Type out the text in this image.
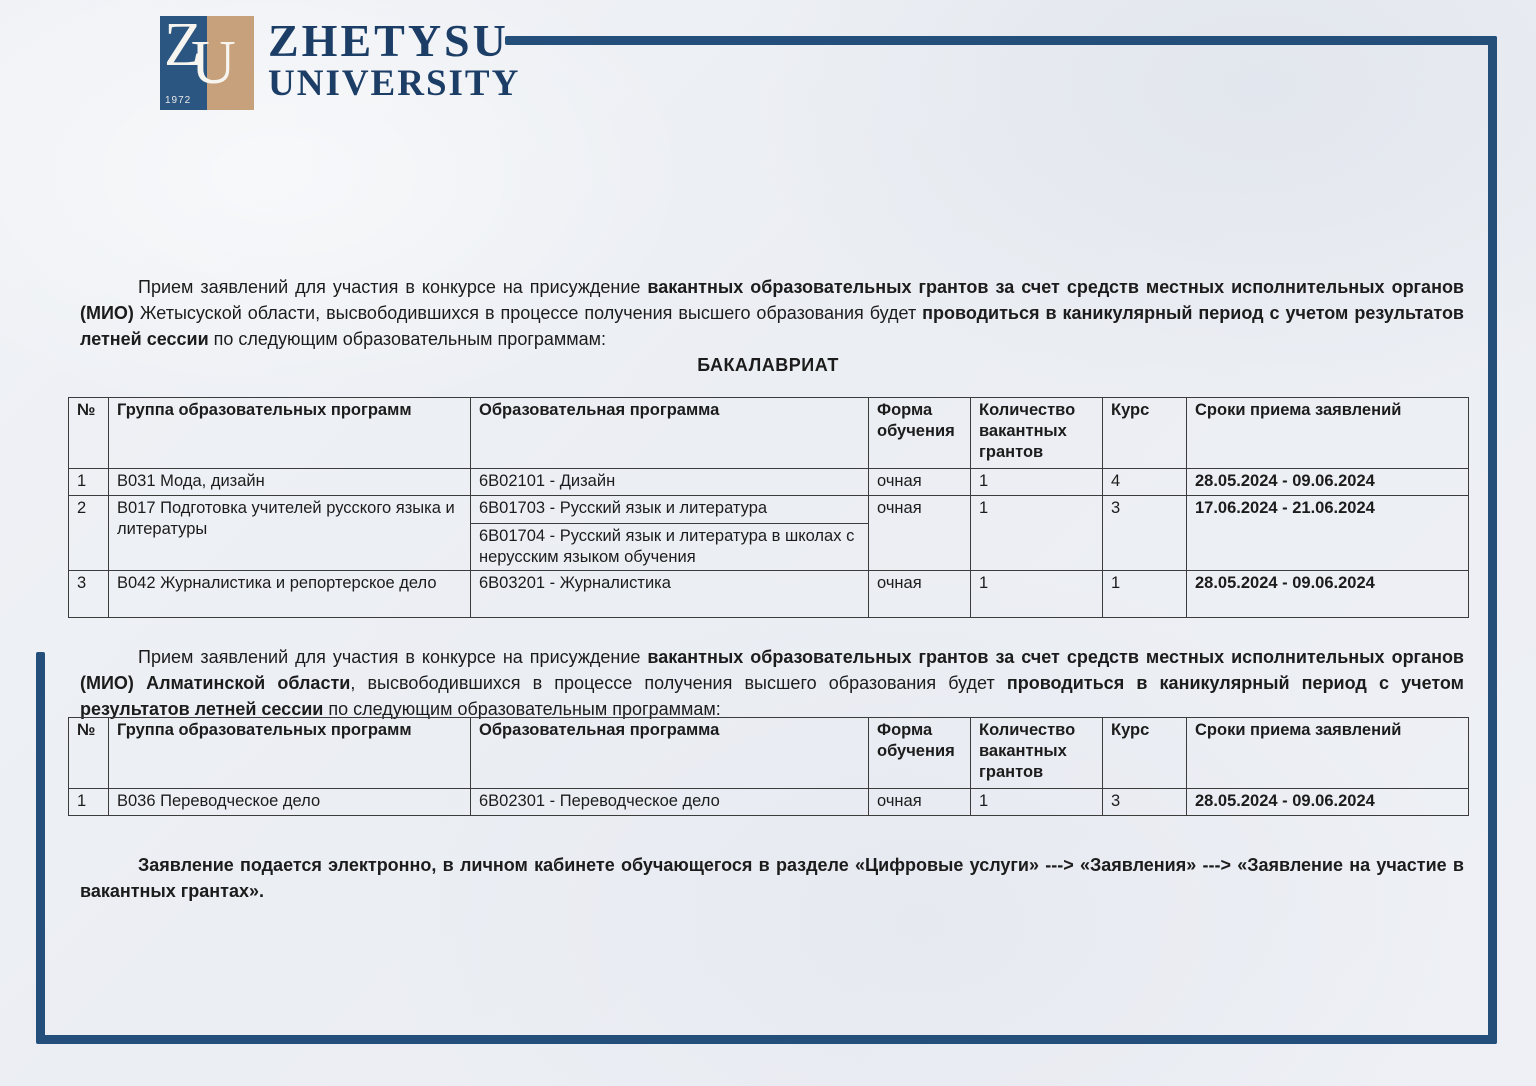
U
Z
1972
ZHETYSU
UNIVERSITY

Прием заявлений для участия в конкурсе на присуждение вакантных образовательных грантов за счет средств местных исполнительных органов (МИО) Жетысуской области, высвободившихся в процессе получения высшего образования будет проводиться в каникулярный период с учетом результатов летней сессии по следующим образовательным программам:

БАКАЛАВРИАТ
№	Группа образовательных программ	Образовательная программа	Форма обучения	Количество вакантных грантов	Курс	Сроки приема заявлений
1	B031 Мода, дизайн	6B02101 - Дизайн	очная	1	4	28.05.2024 - 09.06.2024
2	B017 Подготовка учителей русского языка и литературы	6B01703 - Русский язык и литература	очная	1	3	17.06.2024 - 21.06.2024
		6B01704 - Русский язык и литература в школах с нерусским языком обучения				
3	B042 Журналистика и репортерское дело	6B03201 - Журналистика	очная	1	1	28.05.2024 - 09.06.2024

Прием заявлений для участия в конкурсе на присуждение вакантных образовательных грантов за счет средств местных исполнительных органов (МИО) Алматинской области, высвободившихся в процессе получения высшего образования будет проводиться в каникулярный период с учетом результатов летней сессии по следующим образовательным программам:

№	Группа образовательных программ	Образовательная программа	Форма обучения	Количество вакантных грантов	Курс	Сроки приема заявлений
1	B036 Переводческое дело	6B02301 - Переводческое дело	очная	1	3	28.05.2024 - 09.06.2024

Заявление подается электронно, в личном кабинете обучающегося в разделе «Цифровые услуги» ---> «Заявления» ---> «Заявление на участие в вакантных грантах».
